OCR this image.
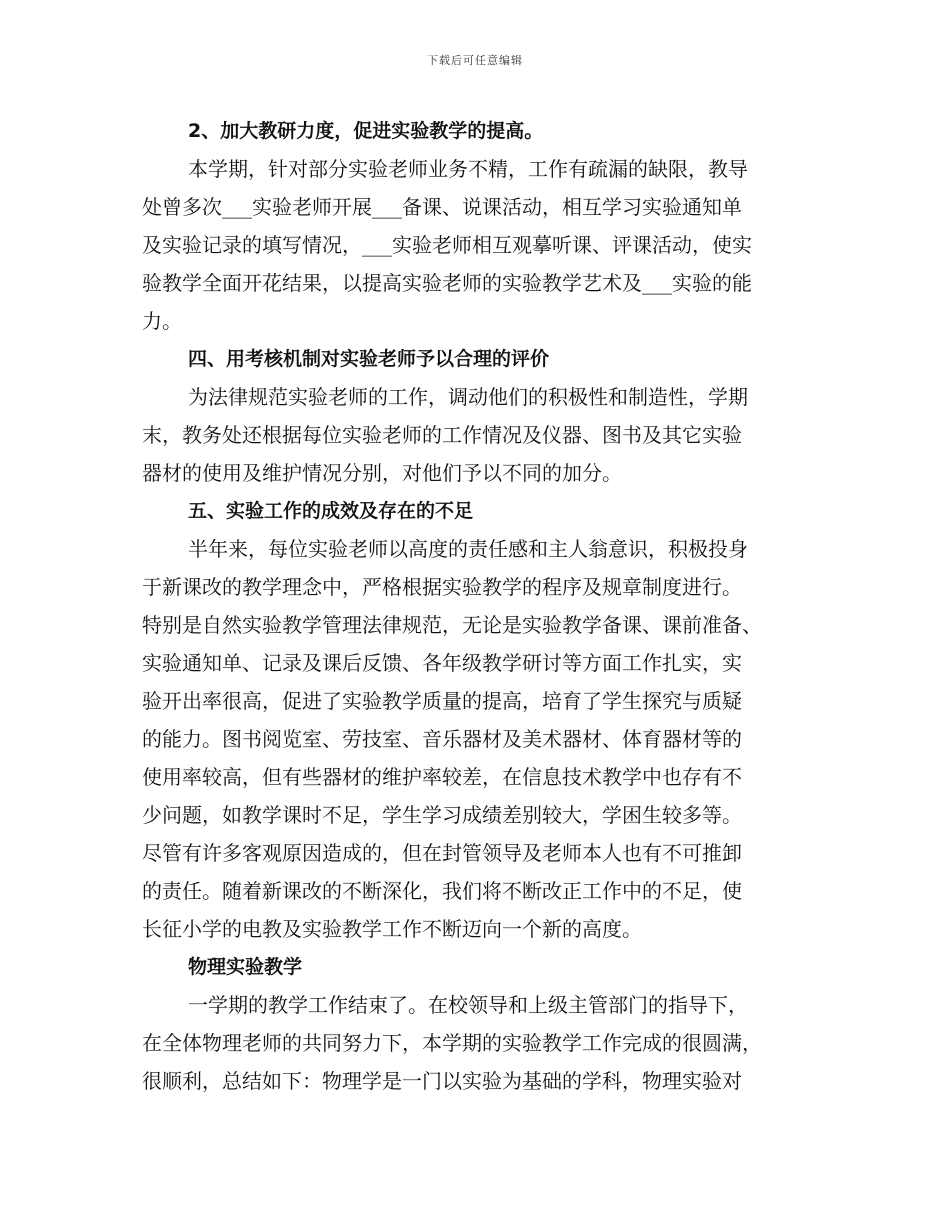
下载后可任意编辑
2、加大教研力度，促进实验教学的提高。
本学期，针对部分实验老师业务不精，工作有疏漏的缺限，教导
处曾多次___实验老师开展___备课、说课活动，相互学习实验通知单
及实验记录的填写情况，___实验老师相互观摹听课、评课活动，使实
验教学全面开花结果，以提高实验老师的实验教学艺术及___实验的能
力。
四、用考核机制对实验老师予以合理的评价
为法律规范实验老师的工作，调动他们的积极性和制造性，学期
末，教务处还根据每位实验老师的工作情况及仪器、图书及其它实验
器材的使用及维护情况分别，对他们予以不同的加分。
五、实验工作的成效及存在的不足
半年来，每位实验老师以高度的责任感和主人翁意识，积极投身
于新课改的教学理念中，严格根据实验教学的程序及规章制度进行。
特别是自然实验教学管理法律规范，无论是实验教学备课、课前准备、
实验通知单、记录及课后反馈、各年级教学研讨等方面工作扎实，实
验开出率很高，促进了实验教学质量的提高，培育了学生探究与质疑
的能力。图书阅览室、劳技室、音乐器材及美术器材、体育器材等的
使用率较高，但有些器材的维护率较差，在信息技术教学中也存有不
少问题，如教学课时不足，学生学习成绩差别较大，学困生较多等。
尽管有许多客观原因造成的，但在封管领导及老师本人也有不可推卸
的责任。随着新课改的不断深化，我们将不断改正工作中的不足，使
长征小学的电教及实验教学工作不断迈向一个新的高度。
物理实验教学
一学期的教学工作结束了。在校领导和上级主管部门的指导下，
在全体物理老师的共同努力下，本学期的实验教学工作完成的很圆满，
很顺利，总结如下：物理学是一门以实验为基础的学科，物理实验对
